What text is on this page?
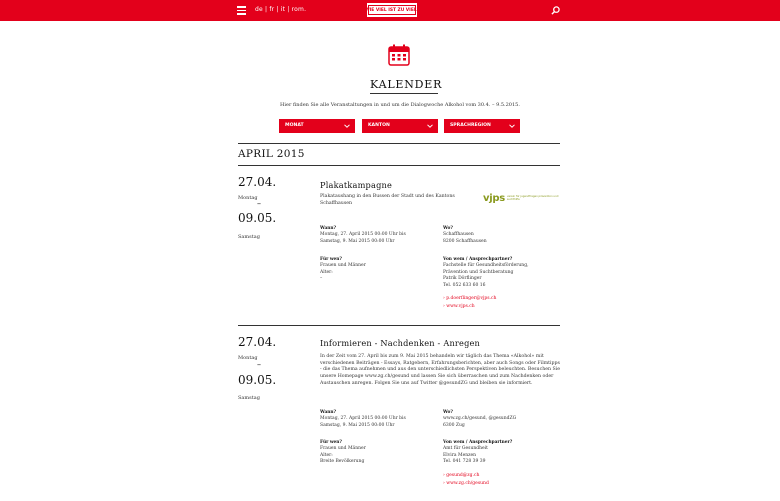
de | fr | it | rom.	WIE VIEL IST ZU VIEL?
KALENDER
Hier finden Sie alle Veranstaltungen in und um die Dialogwoche Alkohol vom 30.4. – 9.5.2015.
MONAT	KANTON	SPRACHREGION
APRIL 2015
27.04.
Montag
–
09.05.
Samstag
Plakatkampagne
Plakataushang in den Bussen der Stadt und des Kantons Schaffhausen	vjps verein für jugendfragen prävention und suchthilfe
Wann?
Montag, 27. April 2015 00:00 Uhr bis
Samstag, 9. Mai 2015 00:00 Uhr
Wo?
Schaffhausen
8200 Schaffhausen
Für wen?
Frauen und Männer
Alter:
–
Von wem / Ansprechpartner?
Fachstelle für Gesundheitsförderung,
Prävention und Suchtberatung
Patrik Dörflinger
Tel. 052 633 60 16
› p.doerflinger@vjps.ch
› www.vjps.ch
27.04.
Montag
–
09.05.
Samstag
Informieren - Nachdenken - Anregen
In der Zeit vom 27. April bis zum 9. Mai 2015 behandeln wir täglich das Thema «Alkohol» mit verschiedenen Beiträgen - Essays, Ratgebern, Erfahrungsberichten, aber auch Songs oder Filmtipps - die das Thema aufnehmen und aus den unterschiedlichsten Perspektiven beleuchten. Besuchen Sie unsere Homepage www.zg.ch/gesund und lassen Sie sich überraschen und zum Nachdenken oder Austauschen anregen. Folgen Sie uns auf Twitter @gesundZG und bleiben sie informiert.
Wann?
Montag, 27. April 2015 00:00 Uhr bis
Samstag, 9. Mai 2015 00:00 Uhr
Wo?
www.zg.ch/gesund, @gesundZG
6300 Zug
Für wen?
Frauen und Männer
Alter:
Breite Bevölkerung
Von wem / Ansprechpartner?
Amt für Gesundheit
Elvira Menzen
Tel. 041 728 39 39
› gesund@zg.ch
› www.zg.ch/gesund
